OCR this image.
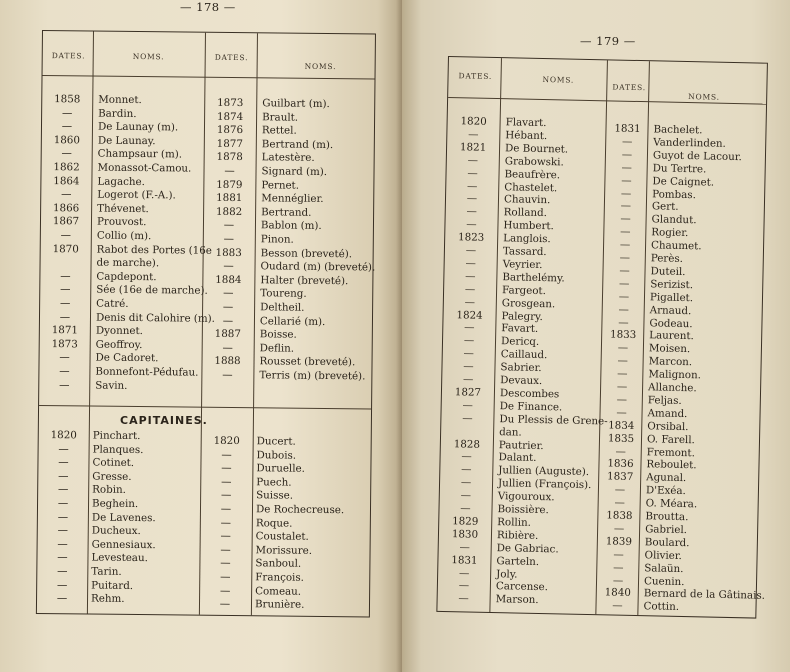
— 178 —
DATES.	NOMS.	DATES.
NOMS.
1858	Monnet.
—	Bardin.
—	De Launay (m).
1860	De Launay.
—	Champsaur (m).
1862	Monassot-Camou.
1864	Lagache.
—	Logerot (F.-A.).
1866	Thévenet.
1867	Prouvost.
—	Collio (m).
1870	Rabot des Portes (16e
de marche).
—	Capdepont.
—	Sée (16e de marche).
—	Catré.
—	Denis dit Calohire (m).
1871	Dyonnet.
1873	Geoffroy.
—	De Cadoret.
—	Bonnefont-Pédufau.
—	Savin.
1873	Guilbart (m).
1874	Brault.
1876	Rettel.
1877	Bertrand (m).
1878	Latestère.
—	Signard (m).
1879	Pernet.
1881	Mennéglier.
1882	Bertrand.
—	Bablon (m).
—	Pinon.
1883	Besson (breveté).
—	Oudard (m) (breveté).
1884	Halter (breveté).
—	Toureng.
—	Deltheil.
—	Cellarié (m).
1887	Boisse.
—	Deflin.
1888	Rousset (breveté).
—	Terris (m) (breveté).
1820	Pinchart.
—	Planques.
—	Cotinet.
—	Gresse.
—	Robin.
—	Beghein.
—	De Lavenes.
—	Ducheux.
—	Gennesiaux.
—	Levesteau.
—	Tarin.
—	Puitard.
—	Rehm.
1820	Ducert.
—	Dubois.
—	Duruelle.
—	Puech.
—	Suisse.
—	De Rochecreuse.
—	Roque.
—	Coustalet.
—	Morissure.
—	Sanboul.
—	François.
—	Comeau.
—	Brunière.
CAPITAINES.
— 179 —
DATES.	NOMS.
DATES.
NOMS.
1820	Flavart.
—	Hébant.
1821	De Bournet.
—	Grabowski.
—	Beaufrère.
—	Chastelet.
—	Chauvin.
—	Rolland.
—	Humbert.
1823	Langlois.
—	Tassard.
—	Veyrier.
—	Barthelémy.
—	Fargeot.
—	Grosgean.
1824	Palegry.
—	Favart.
—	Dericq.
—	Caillaud.
—	Sabrier.
—	Devaux.
1827	Descombes
—	De Finance.
—	Du Plessis de Grene-
dan.
1828	Pautrier.
—	Dalant.
—	Jullien (Auguste).
—	Jullien (François).
—	Vigouroux.
—	Boissière.
1829	Rollin.
1830	Ribière.
—	De Gabriac.
1831	Garteln.
—	Joly.
—	Carcense.
—	Marson.
1831	Bachelet.
—	Vanderlinden.
—	Guyot de Lacour.
—	Du Tertre.
—	De Caignet.
—	Pombas.
—	Gert.
—	Glandut.
—	Rogier.
—	Chaumet.
—	Perès.
—	Duteil.
—	Serizist.
—	Pigallet.
—	Arnaud.
—	Godeau.
1833	Laurent.
—	Moisen.
—	Marcon.
—	Malignon.
—	Allanche.
—	Feljas.
—	Amand.
1834	Orsibal.
1835	O. Farell.
—	Fremont.
1836	Reboulet.
1837	Agunal.
—	D'Exéa.
—	O. Méara.
1838	Broutta.
—	Gabriel.
1839	Boulard.
—	Olivier.
—	Salaün.
—	Cuenin.
1840	Bernard de la Gâtinais.
—	Cottin.
